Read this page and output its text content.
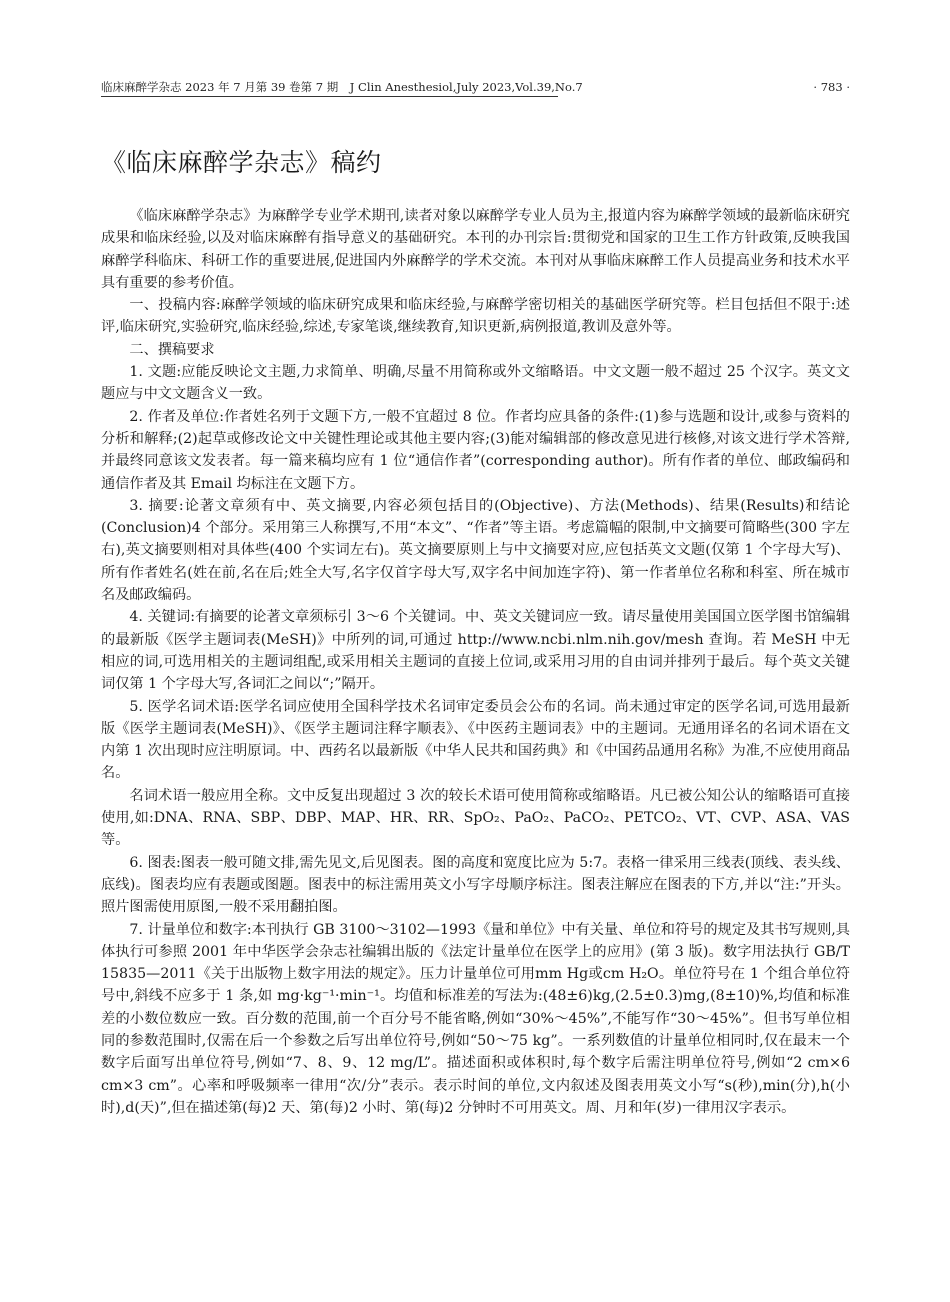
临床麻醉学杂志 2023 年 7 月第 39 卷第 7 期　J Clin Anesthesiol,July 2023,Vol.39,No.7	· 783 ·
《临床麻醉学杂志》稿约

《临床麻醉学杂志》为麻醉学专业学术期刊,读者对象以麻醉学专业人员为主,报道内容为麻醉学领域的最新临床研究成果和临床经验,以及对临床麻醉有指导意义的基础研究。本刊的办刊宗旨:贯彻党和国家的卫生工作方针政策,反映我国麻醉学科临床、科研工作的重要进展,促进国内外麻醉学的学术交流。本刊对从事临床麻醉工作人员提高业务和技术水平具有重要的参考价值。

一、投稿内容:麻醉学领域的临床研究成果和临床经验,与麻醉学密切相关的基础医学研究等。栏目包括但不限于:述评,临床研究,实验研究,临床经验,综述,专家笔谈,继续教育,知识更新,病例报道,教训及意外等。

二、撰稿要求

1. 文题:应能反映论文主题,力求简单、明确,尽量不用简称或外文缩略语。中文文题一般不超过 25 个汉字。英文文题应与中文文题含义一致。

2. 作者及单位:作者姓名列于文题下方,一般不宜超过 8 位。作者均应具备的条件:(1)参与选题和设计,或参与资料的分析和解释;(2)起草或修改论文中关键性理论或其他主要内容;(3)能对编辑部的修改意见进行核修,对该文进行学术答辩,并最终同意该文发表者。每一篇来稿均应有 1 位“通信作者”(corresponding author)。所有作者的单位、邮政编码和通信作者及其 Email 均标注在文题下方。

3. 摘要:论著文章须有中、英文摘要,内容必须包括目的(Objective)、方法(Methods)、结果(Results)和结论(Conclusion)4 个部分。采用第三人称撰写,不用“本文”、“作者”等主语。考虑篇幅的限制,中文摘要可简略些(300 字左右),英文摘要则相对具体些(400 个实词左右)。英文摘要原则上与中文摘要对应,应包括英文文题(仅第 1 个字母大写)、所有作者姓名(姓在前,名在后;姓全大写,名字仅首字母大写,双字名中间加连字符)、第一作者单位名称和科室、所在城市名及邮政编码。

4. 关键词:有摘要的论著文章须标引 3～6 个关键词。中、英文关键词应一致。请尽量使用美国国立医学图书馆编辑的最新版《医学主题词表(MeSH)》中所列的词,可通过 http://www.ncbi.nlm.nih.gov/mesh 查询。若 MeSH 中无相应的词,可选用相关的主题词组配,或采用相关主题词的直接上位词,或采用习用的自由词并排列于最后。每个英文关键词仅第 1 个字母大写,各词汇之间以“;”隔开。

5. 医学名词术语:医学名词应使用全国科学技术名词审定委员会公布的名词。尚未通过审定的医学名词,可选用最新版《医学主题词表(MeSH)》、《医学主题词注释字顺表》、《中医药主题词表》中的主题词。无通用译名的名词术语在文内第 1 次出现时应注明原词。中、西药名以最新版《中华人民共和国药典》和《中国药品通用名称》为准,不应使用商品名。

名词术语一般应用全称。文中反复出现超过 3 次的较长术语可使用简称或缩略语。凡已被公知公认的缩略语可直接使用,如:DNA、RNA、SBP、DBP、MAP、HR、RR、SpO₂、PaO₂、PaCO₂、PETCO₂、VT、CVP、ASA、VAS 等。

6. 图表:图表一般可随文排,需先见文,后见图表。图的高度和宽度比应为 5:7。表格一律采用三线表(顶线、表头线、底线)。图表均应有表题或图题。图表中的标注需用英文小写字母顺序标注。图表注解应在图表的下方,并以“注:”开头。照片图需使用原图,一般不采用翻拍图。

7. 计量单位和数字:本刊执行 GB 3100～3102—1993《量和单位》中有关量、单位和符号的规定及其书写规则,具体执行可参照 2001 年中华医学会杂志社编辑出版的《法定计量单位在医学上的应用》(第 3 版)。数字用法执行 GB/T 15835—2011《关于出版物上数字用法的规定》。压力计量单位可用mm Hg或cm H₂O。单位符号在 1 个组合单位符号中,斜线不应多于 1 条,如 mg·kg⁻¹·min⁻¹。均值和标准差的写法为:(48±6)kg,(2.5±0.3)mg,(8±10)%,均值和标准差的小数位数应一致。百分数的范围,前一个百分号不能省略,例如“30%～45%”,不能写作“30～45%”。但书写单位相同的参数范围时,仅需在后一个参数之后写出单位符号,例如“50～75 kg”。一系列数值的计量单位相同时,仅在最末一个数字后面写出单位符号,例如“7、8、9、12 mg/L”。描述面积或体积时,每个数字后需注明单位符号,例如“2 cm×6 cm×3 cm”。心率和呼吸频率一律用“次/分”表示。表示时间的单位,文内叙述及图表用英文小写“s(秒),min(分),h(小时),d(天)”,但在描述第(每)2 天、第(每)2 小时、第(每)2 分钟时不可用英文。周、月和年(岁)一律用汉字表示。
